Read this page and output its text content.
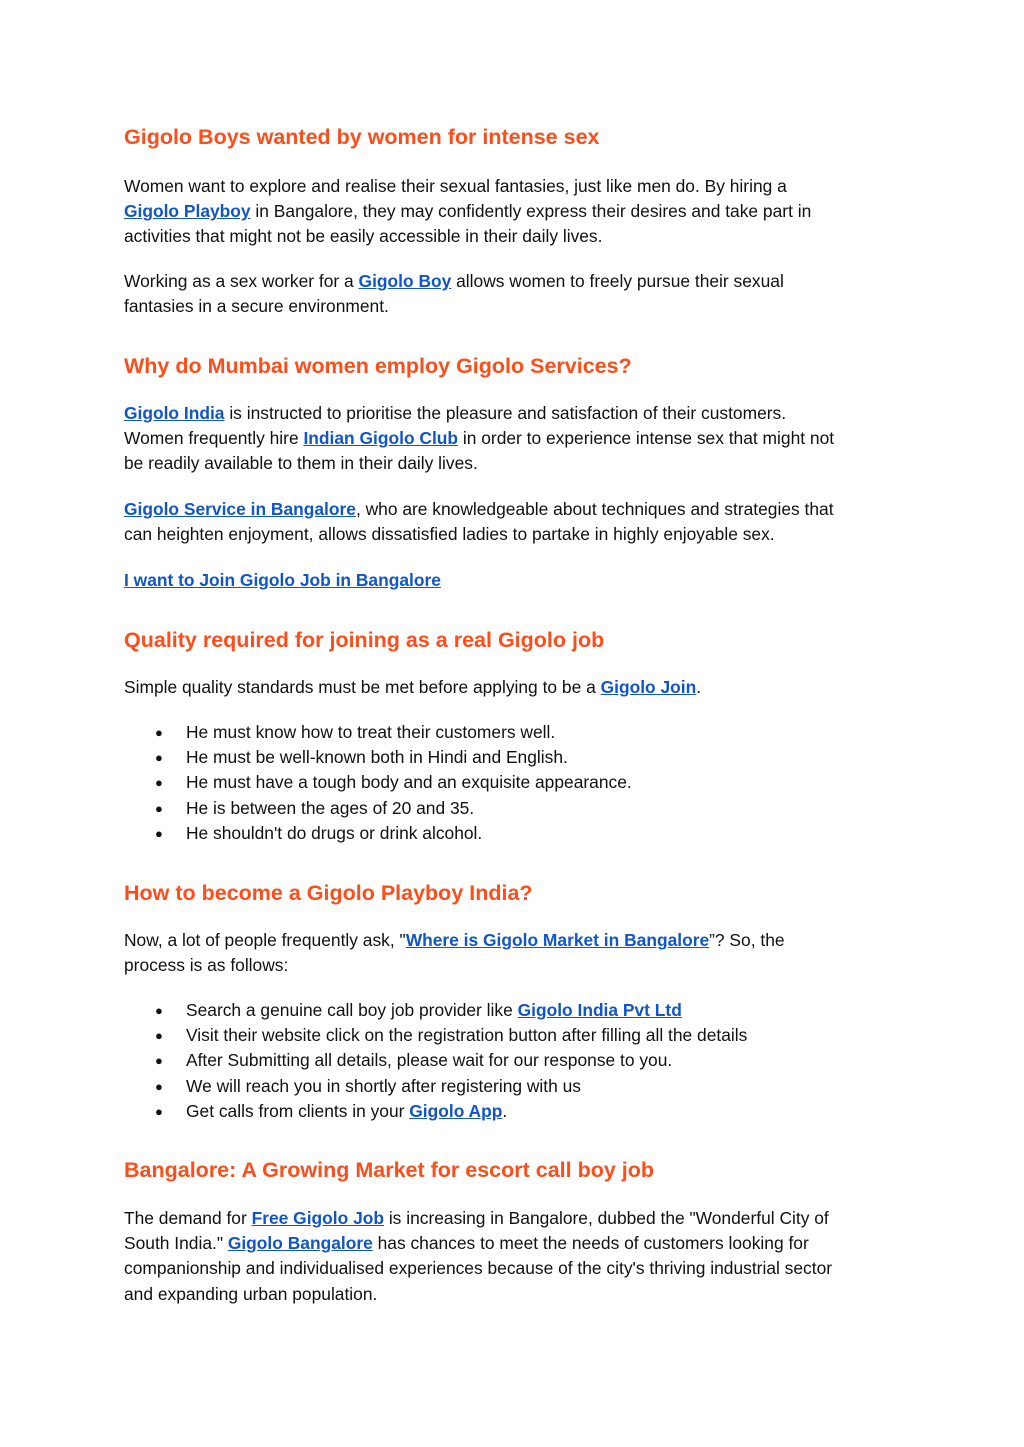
Gigolo Boys wanted by women for intense sex
Women want to explore and realise their sexual fantasies, just like men do. By hiring a
Gigolo Playboy in Bangalore, they may confidently express their desires and take part in
activities that might not be easily accessible in their daily lives.
Working as a sex worker for a Gigolo Boy allows women to freely pursue their sexual
fantasies in a secure environment.
Why do Mumbai women employ Gigolo Services?
Gigolo India is instructed to prioritise the pleasure and satisfaction of their customers.
Women frequently hire Indian Gigolo Club in order to experience intense sex that might not
be readily available to them in their daily lives.
Gigolo Service in Bangalore, who are knowledgeable about techniques and strategies that
can heighten enjoyment, allows dissatisfied ladies to partake in highly enjoyable sex.
I want to Join Gigolo Job in Bangalore
Quality required for joining as a real Gigolo job
Simple quality standards must be met before applying to be a Gigolo Join.
● He must know how to treat their customers well.
● He must be well-known both in Hindi and English.
● He must have a tough body and an exquisite appearance.
● He is between the ages of 20 and 35.
● He shouldn't do drugs or drink alcohol.
How to become a Gigolo Playboy India?
Now, a lot of people frequently ask, "Where is Gigolo Market in Bangalore”? So, the
process is as follows:
● Search a genuine call boy job provider like Gigolo India Pvt Ltd
● Visit their website click on the registration button after filling all the details
● After Submitting all details, please wait for our response to you.
● We will reach you in shortly after registering with us
● Get calls from clients in your Gigolo App.
Bangalore: A Growing Market for escort call boy job
The demand for Free Gigolo Job is increasing in Bangalore, dubbed the "Wonderful City of
South India." Gigolo Bangalore has chances to meet the needs of customers looking for
companionship and individualised experiences because of the city's thriving industrial sector
and expanding urban population.
